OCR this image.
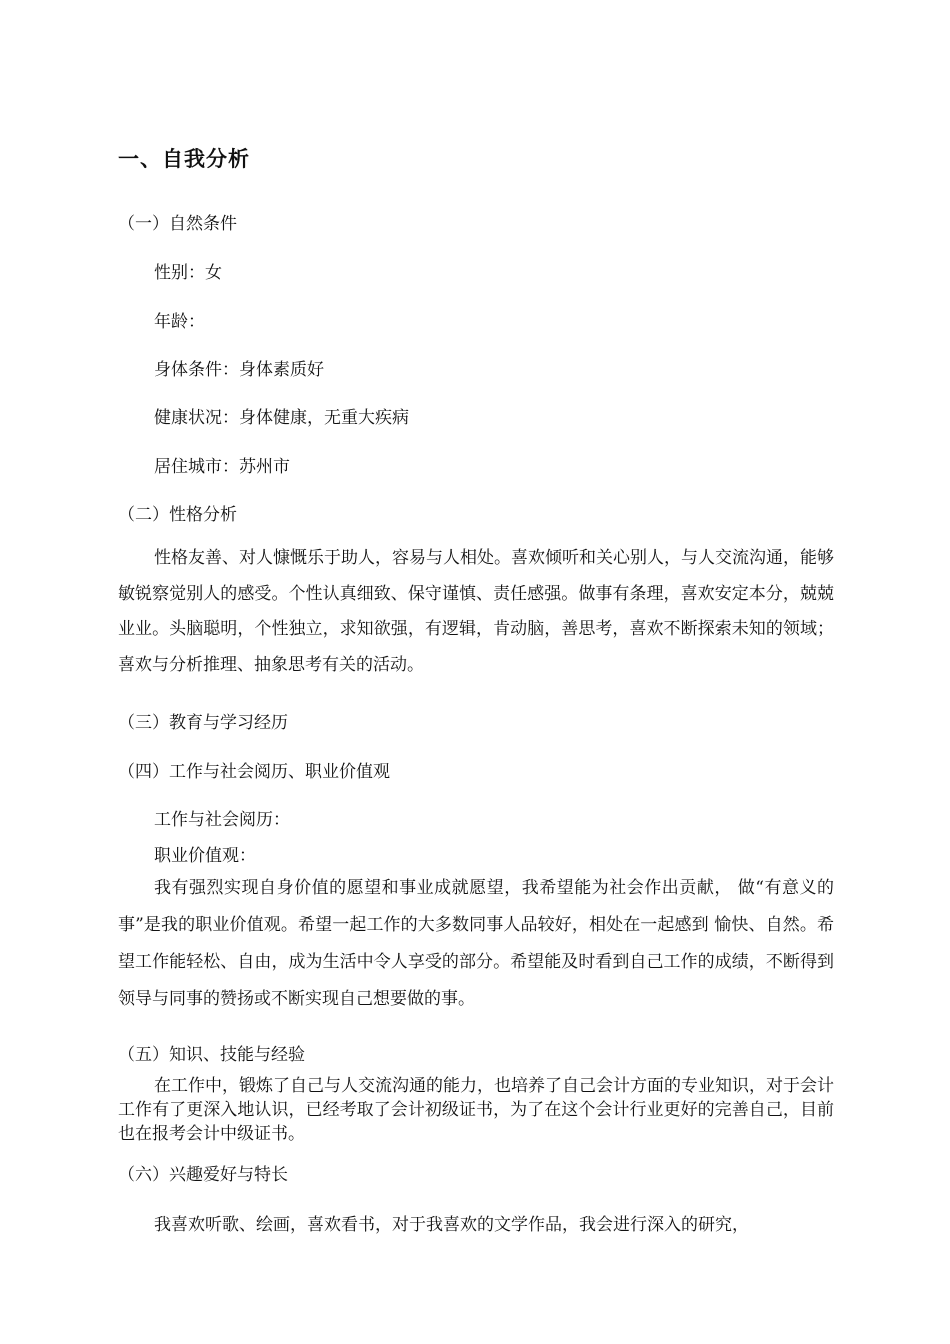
一、自我分析
（一）自然条件
性别：女
年龄：
身体条件：身体素质好
健康状况：身体健康，无重大疾病
居住城市：苏州市
（二）性格分析
性格友善、对人慷慨乐于助人，容易与人相处。喜欢倾听和关心别人，与人交流沟通，能够敏锐察觉别人的感受。个性认真细致、保守谨慎、责任感强。做事有条理，喜欢安定本分，兢兢业业。头脑聪明，个性独立，求知欲强，有逻辑，肯动脑，善思考，喜欢不断探索未知的领域；喜欢与分析推理、抽象思考有关的活动。
（三）教育与学习经历
（四）工作与社会阅历、职业价值观
工作与社会阅历：
职业价值观：
我有强烈实现自身价值的愿望和事业成就愿望，我希望能为社会作出贡献， 做“有意义的事”是我的职业价值观。希望一起工作的大多数同事人品较好，相处在一起感到 愉快、自然。希望工作能轻松、自由，成为生活中令人享受的部分。希望能及时看到自己工作的成绩，不断得到领导与同事的赞扬或不断实现自己想要做的事。
（五）知识、技能与经验
在工作中，锻炼了自己与人交流沟通的能力，也培养了自己会计方面的专业知识，对于会计工作有了更深入地认识，已经考取了会计初级证书，为了在这个会计行业更好的完善自己，目前也在报考会计中级证书。
（六）兴趣爱好与特长
我喜欢听歌、绘画，喜欢看书，对于我喜欢的文学作品，我会进行深入的研究，
